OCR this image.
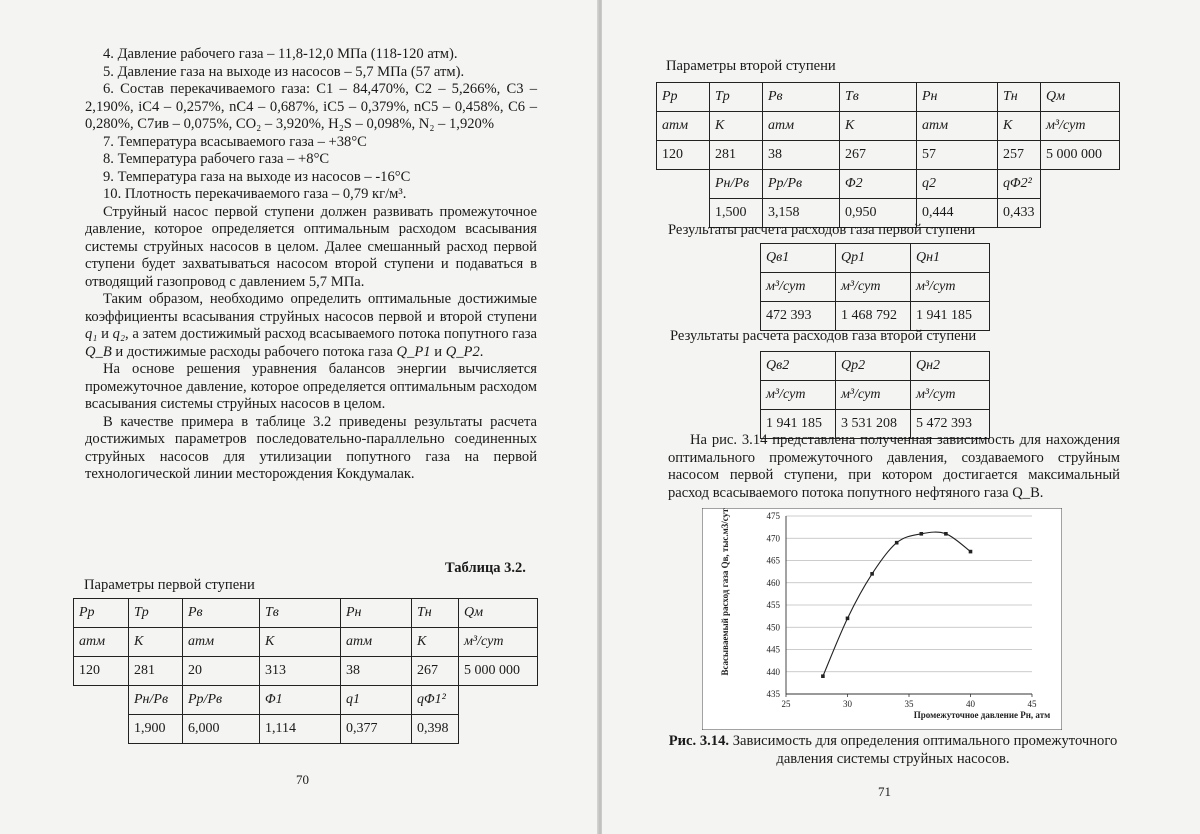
4. Давление рабочего газа – 11,8-12,0 МПа (118-120 атм).

5. Давление газа на выходе из насосов – 5,7 МПа (57 атм).

6. Состав перекачиваемого газа: С1 – 84,470%, С2 – 5,266%, С3 – 2,190%, iС4 – 0,257%, nС4 – 0,687%, iС5 – 0,379%, nС5 – 0,458%, С6 – 0,280%, С7ив – 0,075%, СО₂ – 3,920%, H₂S – 0,098%, N₂ – 1,920%

7. Температура всасываемого газа – +38°С

8. Температура рабочего газа – +8°С

9. Температура газа на выходе из насосов – -16°С

10. Плотность перекачиваемого газа – 0,79 кг/м³.

Струйный насос первой ступени должен развивать промежуточное давление, которое определяется оптимальным расходом всасывания системы струйных насосов в целом. Далее смешанный расход первой ступени будет захватываться насосом второй ступени и подаваться в отводящий газопровод с давлением 5,7 МПа.

Таким образом, необходимо определить оптимальные достижимые коэффициенты всасывания струйных насосов первой и второй ступени q₁ и q₂, а затем достижимый расход всасываемого потока попутного газа Q_B и достижимые расходы рабочего потока газа Q_P1 и Q_P2.

На основе решения уравнения балансов энергии вычисляется промежуточное давление, которое определяется оптимальным расходом всасывания системы струйных насосов в целом.

В качестве примера в таблице 3.2 приведены результаты расчета достижимых параметров последовательно-параллельно соединенных струйных насосов для утилизации попутного газа на первой технологической линии месторождения Кокдумалак.

Таблица 3.2.
Параметры первой ступени
Pр	Tр	Pв	Tв	Pн	Tн	Qм
атм	K	атм	K	атм	K	м³/сут
120	281	20	313	38	267	5 000 000
	Pн/Pв	Pр/Pв	Φ1	q1	qΦ1²	
	1,900	6,000	1,114	0,377	0,398	
70
Параметры второй ступени
Pр	Tр	Pв	Tв	Pн	Tн	Qм
атм	K	атм	K	атм	K	м³/сут
120	281	38	267	57	257	5 000 000
	Pн/Pв	Pр/Pв	Φ2	q2	qΦ2²	
	1,500	3,158	0,950	0,444	0,433	
Результаты расчета расходов газа первой ступени
Qв1	Qр1	Qн1
м³/сут	м³/сут	м³/сут
472 393	1 468 792	1 941 185
Результаты расчета расходов газа второй ступени
Qв2	Qр2	Qн2
м³/сут	м³/сут	м³/сут
1 941 185	3 531 208	5 472 393
71

На рис. 3.14 представлена полученная зависимость для нахождения оптимального промежуточного давления, создаваемого струйным насосом первой ступени, при котором достигается максимальный расход всасываемого потока попутного нефтяного газа Q_B.

435
440
445
450
455
460
465
470
475
25	30	35	40	45
Всасываемый расход газа Qв, тыс.м3/сут
Промежуточное давление Pн, атм
Рис. 3.14. Зависимость для определения оптимального промежуточного давления системы струйных насосов.
